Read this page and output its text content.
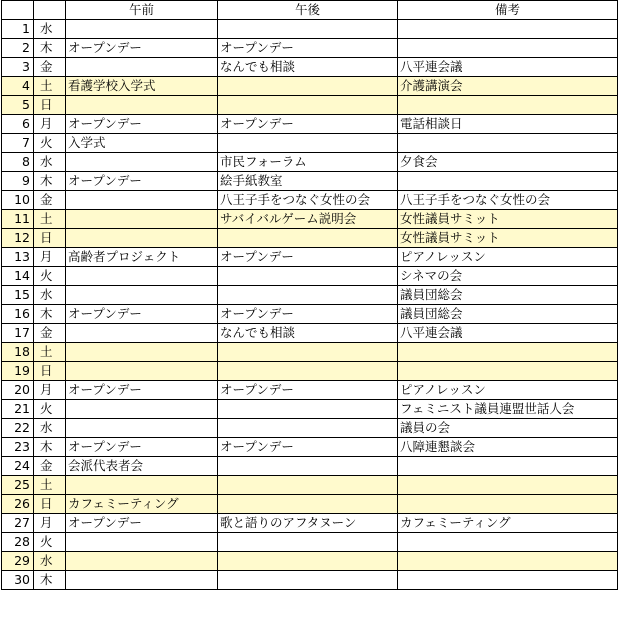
		午前	午後	備考
1	水			
2	木	オープンデー	オープンデー	
3	金		なんでも相談	八平連会議
4	土	看護学校入学式		介護講演会
5	日			
6	月	オープンデー	オープンデー	電話相談日
7	火	入学式		
8	水		市民フォーラム	夕食会
9	木	オープンデー	絵手紙教室	
10	金		八王子手をつなぐ女性の会	八王子手をつなぐ女性の会
11	土		サバイバルゲーム説明会	女性議員サミット
12	日			女性議員サミット
13	月	高齢者プロジェクト	オープンデー	ピアノレッスン
14	火			シネマの会
15	水			議員団総会
16	木	オープンデー	オープンデー	議員団総会
17	金		なんでも相談	八平連会議
18	土			
19	日			
20	月	オープンデー	オープンデー	ピアノレッスン
21	火			フェミニスト議員連盟世話人会
22	水			議員の会
23	木	オープンデー	オープンデー	八障連懇談会
24	金	会派代表者会		
25	土			
26	日	カフェミーティング		
27	月	オープンデー	歌と語りのアフタヌーン	カフェミーティング
28	火			
29	水			
30	木			
